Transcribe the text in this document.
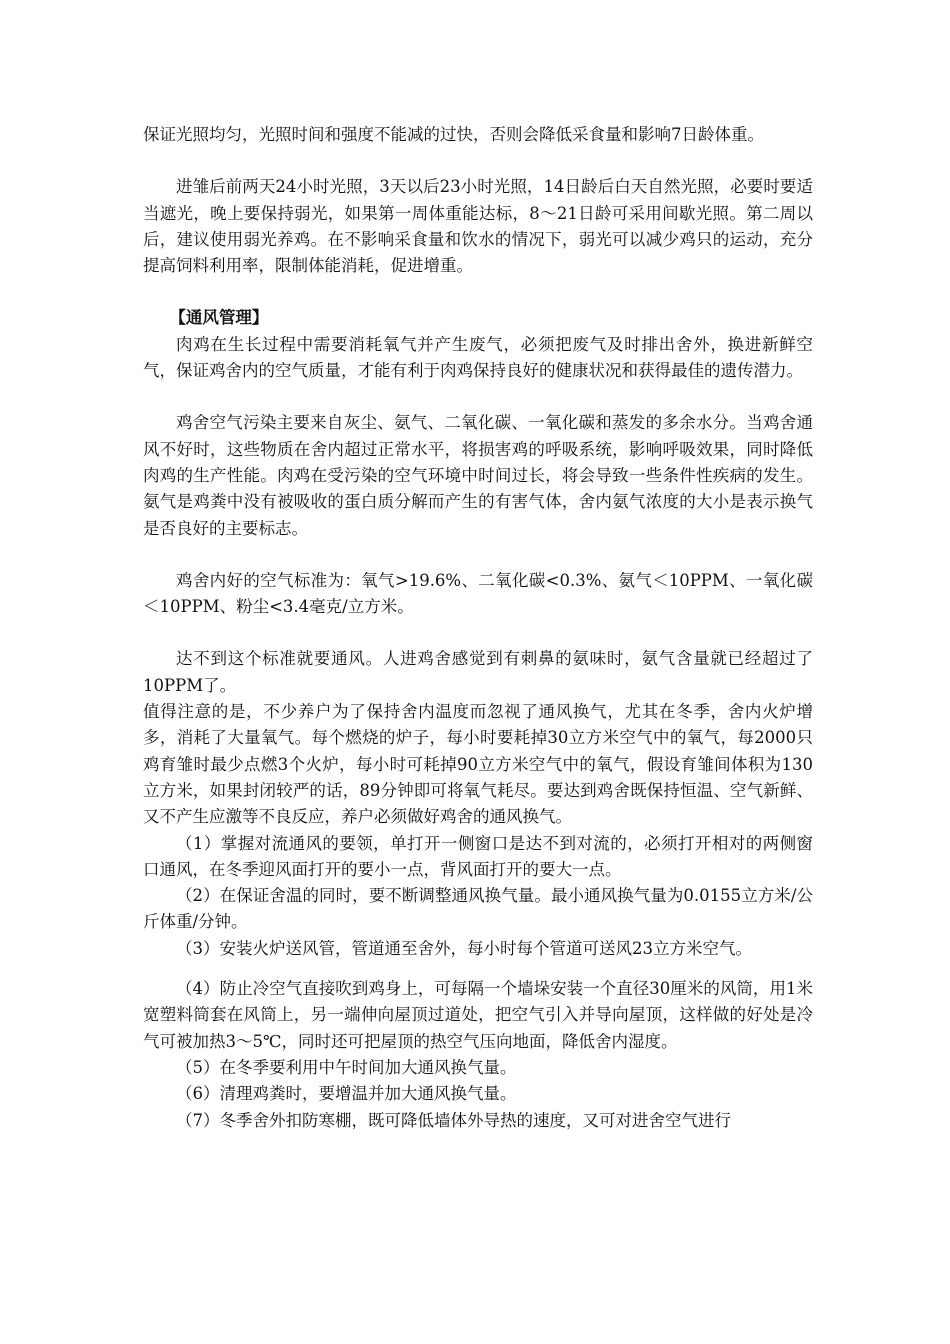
保证光照均匀，光照时间和强度不能减的过快，否则会降低采食量和影响7日龄体重。

进雏后前两天24小时光照，3天以后23小时光照，14日龄后白天自然光照，必要时要适当遮光，晚上要保持弱光，如果第一周体重能达标，8～21日龄可采用间歇光照。第二周以后，建议使用弱光养鸡。在不影响采食量和饮水的情况下，弱光可以减少鸡只的运动，充分提高饲料利用率，限制体能消耗，促进增重。

【通风管理】

肉鸡在生长过程中需要消耗氧气并产生废气，必须把废气及时排出舍外，换进新鲜空气，保证鸡舍内的空气质量，才能有利于肉鸡保持良好的健康状况和获得最佳的遗传潜力。

鸡舍空气污染主要来自灰尘、氨气、二氧化碳、一氧化碳和蒸发的多余水分。当鸡舍通风不好时，这些物质在舍内超过正常水平，将损害鸡的呼吸系统，影响呼吸效果，同时降低肉鸡的生产性能。肉鸡在受污染的空气环境中时间过长，将会导致一些条件性疾病的发生。氨气是鸡粪中没有被吸收的蛋白质分解而产生的有害气体，舍内氨气浓度的大小是表示换气是否良好的主要标志。

鸡舍内好的空气标准为：氧气>19.6%、二氧化碳<0.3%、氨气＜10PPM、一氧化碳＜10PPM、粉尘<3.4毫克/立方米。

达不到这个标准就要通风。人进鸡舍感觉到有刺鼻的氨味时，氨气含量就已经超过了10PPM了。

值得注意的是，不少养户为了保持舍内温度而忽视了通风换气，尤其在冬季，舍内火炉增多，消耗了大量氧气。每个燃烧的炉子，每小时要耗掉30立方米空气中的氧气，每2000只鸡育雏时最少点燃3个火炉，每小时可耗掉90立方米空气中的氧气，假设育雏间体积为130立方米，如果封闭较严的话，89分钟即可将氧气耗尽。要达到鸡舍既保持恒温、空气新鲜、又不产生应激等不良反应，养户必须做好鸡舍的通风换气。

（1）掌握对流通风的要领，单打开一侧窗口是达不到对流的，必须打开相对的两侧窗口通风，在冬季迎风面打开的要小一点，背风面打开的要大一点。

（2）在保证舍温的同时，要不断调整通风换气量。最小通风换气量为0.0155立方米/公斤体重/分钟。

（3）安装火炉送风管，管道通至舍外，每小时每个管道可送风23立方米空气。

（4）防止冷空气直接吹到鸡身上，可每隔一个墙垛安装一个直径30厘米的风筒，用1米宽塑料筒套在风筒上，另一端伸向屋顶过道处，把空气引入并导向屋顶，这样做的好处是冷气可被加热3～5℃，同时还可把屋顶的热空气压向地面，降低舍内湿度。

（5）在冬季要利用中午时间加大通风换气量。

（6）清理鸡粪时，要增温并加大通风换气量。

（7）冬季舍外扣防寒棚，既可降低墙体外导热的速度，又可对进舍空气进行
